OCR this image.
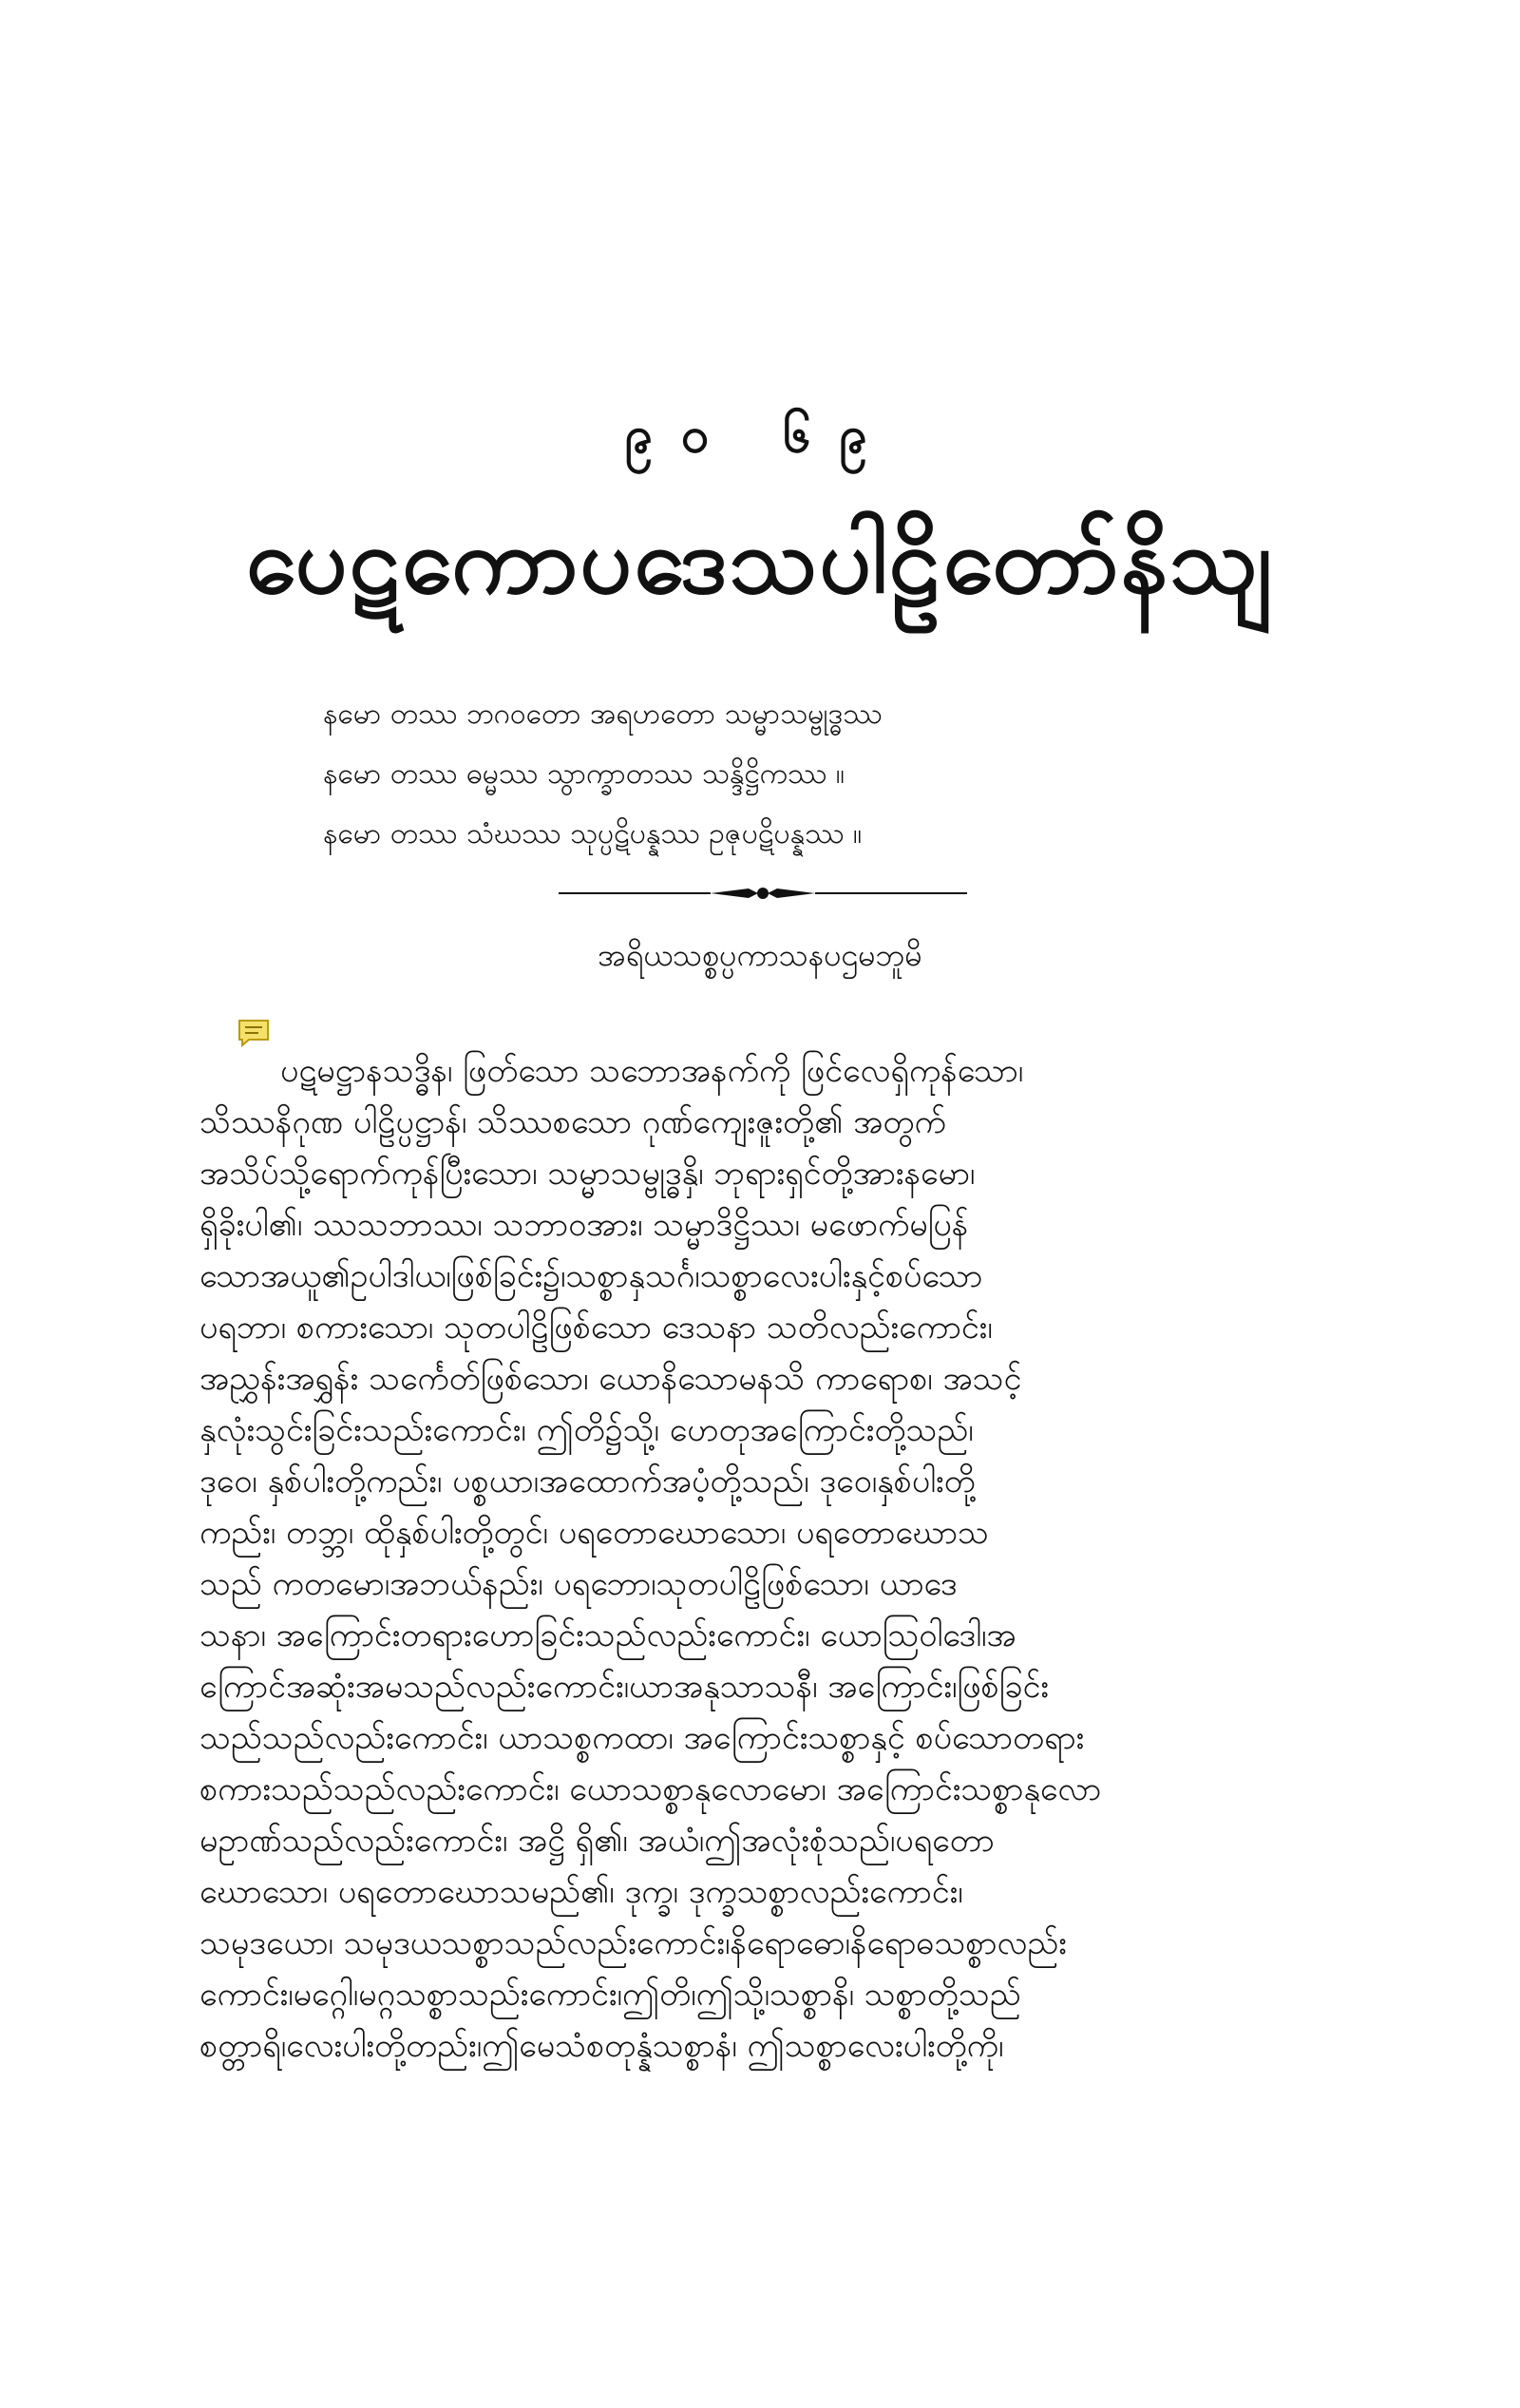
၉၀ ၆၉
ပေဋကောပဒေသပါဠိတော်နိသျ
နမော တဿ ဘဂဝတော အရဟတော သမ္မာသမ္ဗုဒ္ဓဿ
နမော တဿ ဓမ္မဿ သွာက္ခာတဿ သန္ဒိဋ္ဌိကဿ ။
နမော တဿ သံဃဿ သုပ္ပဋိပန္နဿ ဥဇုပဋိပန္နဿ ။
အရိယသစ္စပ္ပကာသနပဌမဘူမိ
ပဋမဋ္ဌာနသဒ္ဓိန၊ ဖြတ်သော သဘောအနက်ကို ဖြင်လေရှိကုန်သော၊
သိဿနိဂုဏ ပါဠိပ္ပဋ္ဌာန်၊ သိဿစသော ဂုဏ်ကျေးဇူးတို့၏ အတွက်
အသိပ်သို့ရောက်ကုန်ပြီးသော၊ သမ္မာသမ္ဗုဒ္ဓနှိ၊ ဘုရားရှင်တို့အားနမော၊
ရှိခိုးပါ၏၊ ဿသဘာဿ၊ သဘာဝအား၊ သမ္မာဒိဋ္ဌိဿ၊ မဖောက်မပြန်
သောအယူ၏ဥပါဒါယ၊ဖြစ်ခြင်း၌၊သစ္စာနှသင်္ဂ၊သစ္စာလေးပါးနှင့်စပ်သော
ပရဘာ၊ စကားသော၊ သုတပါဠိဖြစ်သော ဒေသနာ သတိလည်းကောင်း၊
အညွှန်းအရွှန်း သင်္ကေတ်ဖြစ်သော၊ ယောနိသောမနသိ ကာရောစ၊ အသင့်
နှလုံးသွင်းခြင်းသည်းကောင်း၊ ဤတိ၌သို့၊ ဟေတုအကြောင်းတို့သည်၊
ဒုဝေ၊ နှစ်ပါးတို့ကည်း၊ ပစ္စယာ၊အထောက်အပံ့တို့သည်၊ ဒုဝေ၊နှစ်ပါးတို့
ကည်း၊ တဘ္ဘ၊ ထိုနှစ်ပါးတို့တွင်၊ ပရတောဃောသော၊ ပရတောဃောသ
သည် ကတမော၊အဘယ်နည်း၊ ပရဘော၊သုတပါဠိဖြစ်သော၊ ယာဒေ
သနာ၊ အကြောင်းတရားဟောခြင်းသည်လည်းကောင်း၊ ယောဩဝါဒေါ၊အ
ကြောင်အဆုံးအမသည်လည်းကောင်း၊ယာအနုသာသနီ၊ အကြောင်း၊ဖြစ်ခြင်း
သည်သည်လည်းကောင်း၊ ယာသစ္စကထာ၊ အကြောင်းသစ္စာနှင့် စပ်သောတရား
စကားသည်သည်လည်းကောင်း၊ ယောသစ္စာနုလောမော၊ အကြောင်းသစ္စာနုလော
မဥာဏ်သည်လည်းကောင်း၊ အဋ္ဌိ ရှိ၏၊ အယံ၊ဤအလုံးစုံသည်၊ပရတော
ဃောသော၊ ပရတောဃောသမည်၏၊ ဒုက္ခ၊ ဒုက္ခသစ္စာလည်းကောင်း၊
သမုဒယော၊ သမုဒယသစ္စာသည်လည်းကောင်း၊နိရောဓော၊နိရောဓသစ္စာလည်း
ကောင်း၊မဂ္ဂေါ၊မဂ္ဂသစ္စာသည်းကောင်း၊ဤတိ၊ဤသို့၊သစ္စာနိ၊ သစ္စာတို့သည်
စတ္တာရိ၊လေးပါးတို့တည်း၊ဤမေသံစတုန္နံသစ္စာနံ၊ ဤသစ္စာလေးပါးတို့ကို၊
